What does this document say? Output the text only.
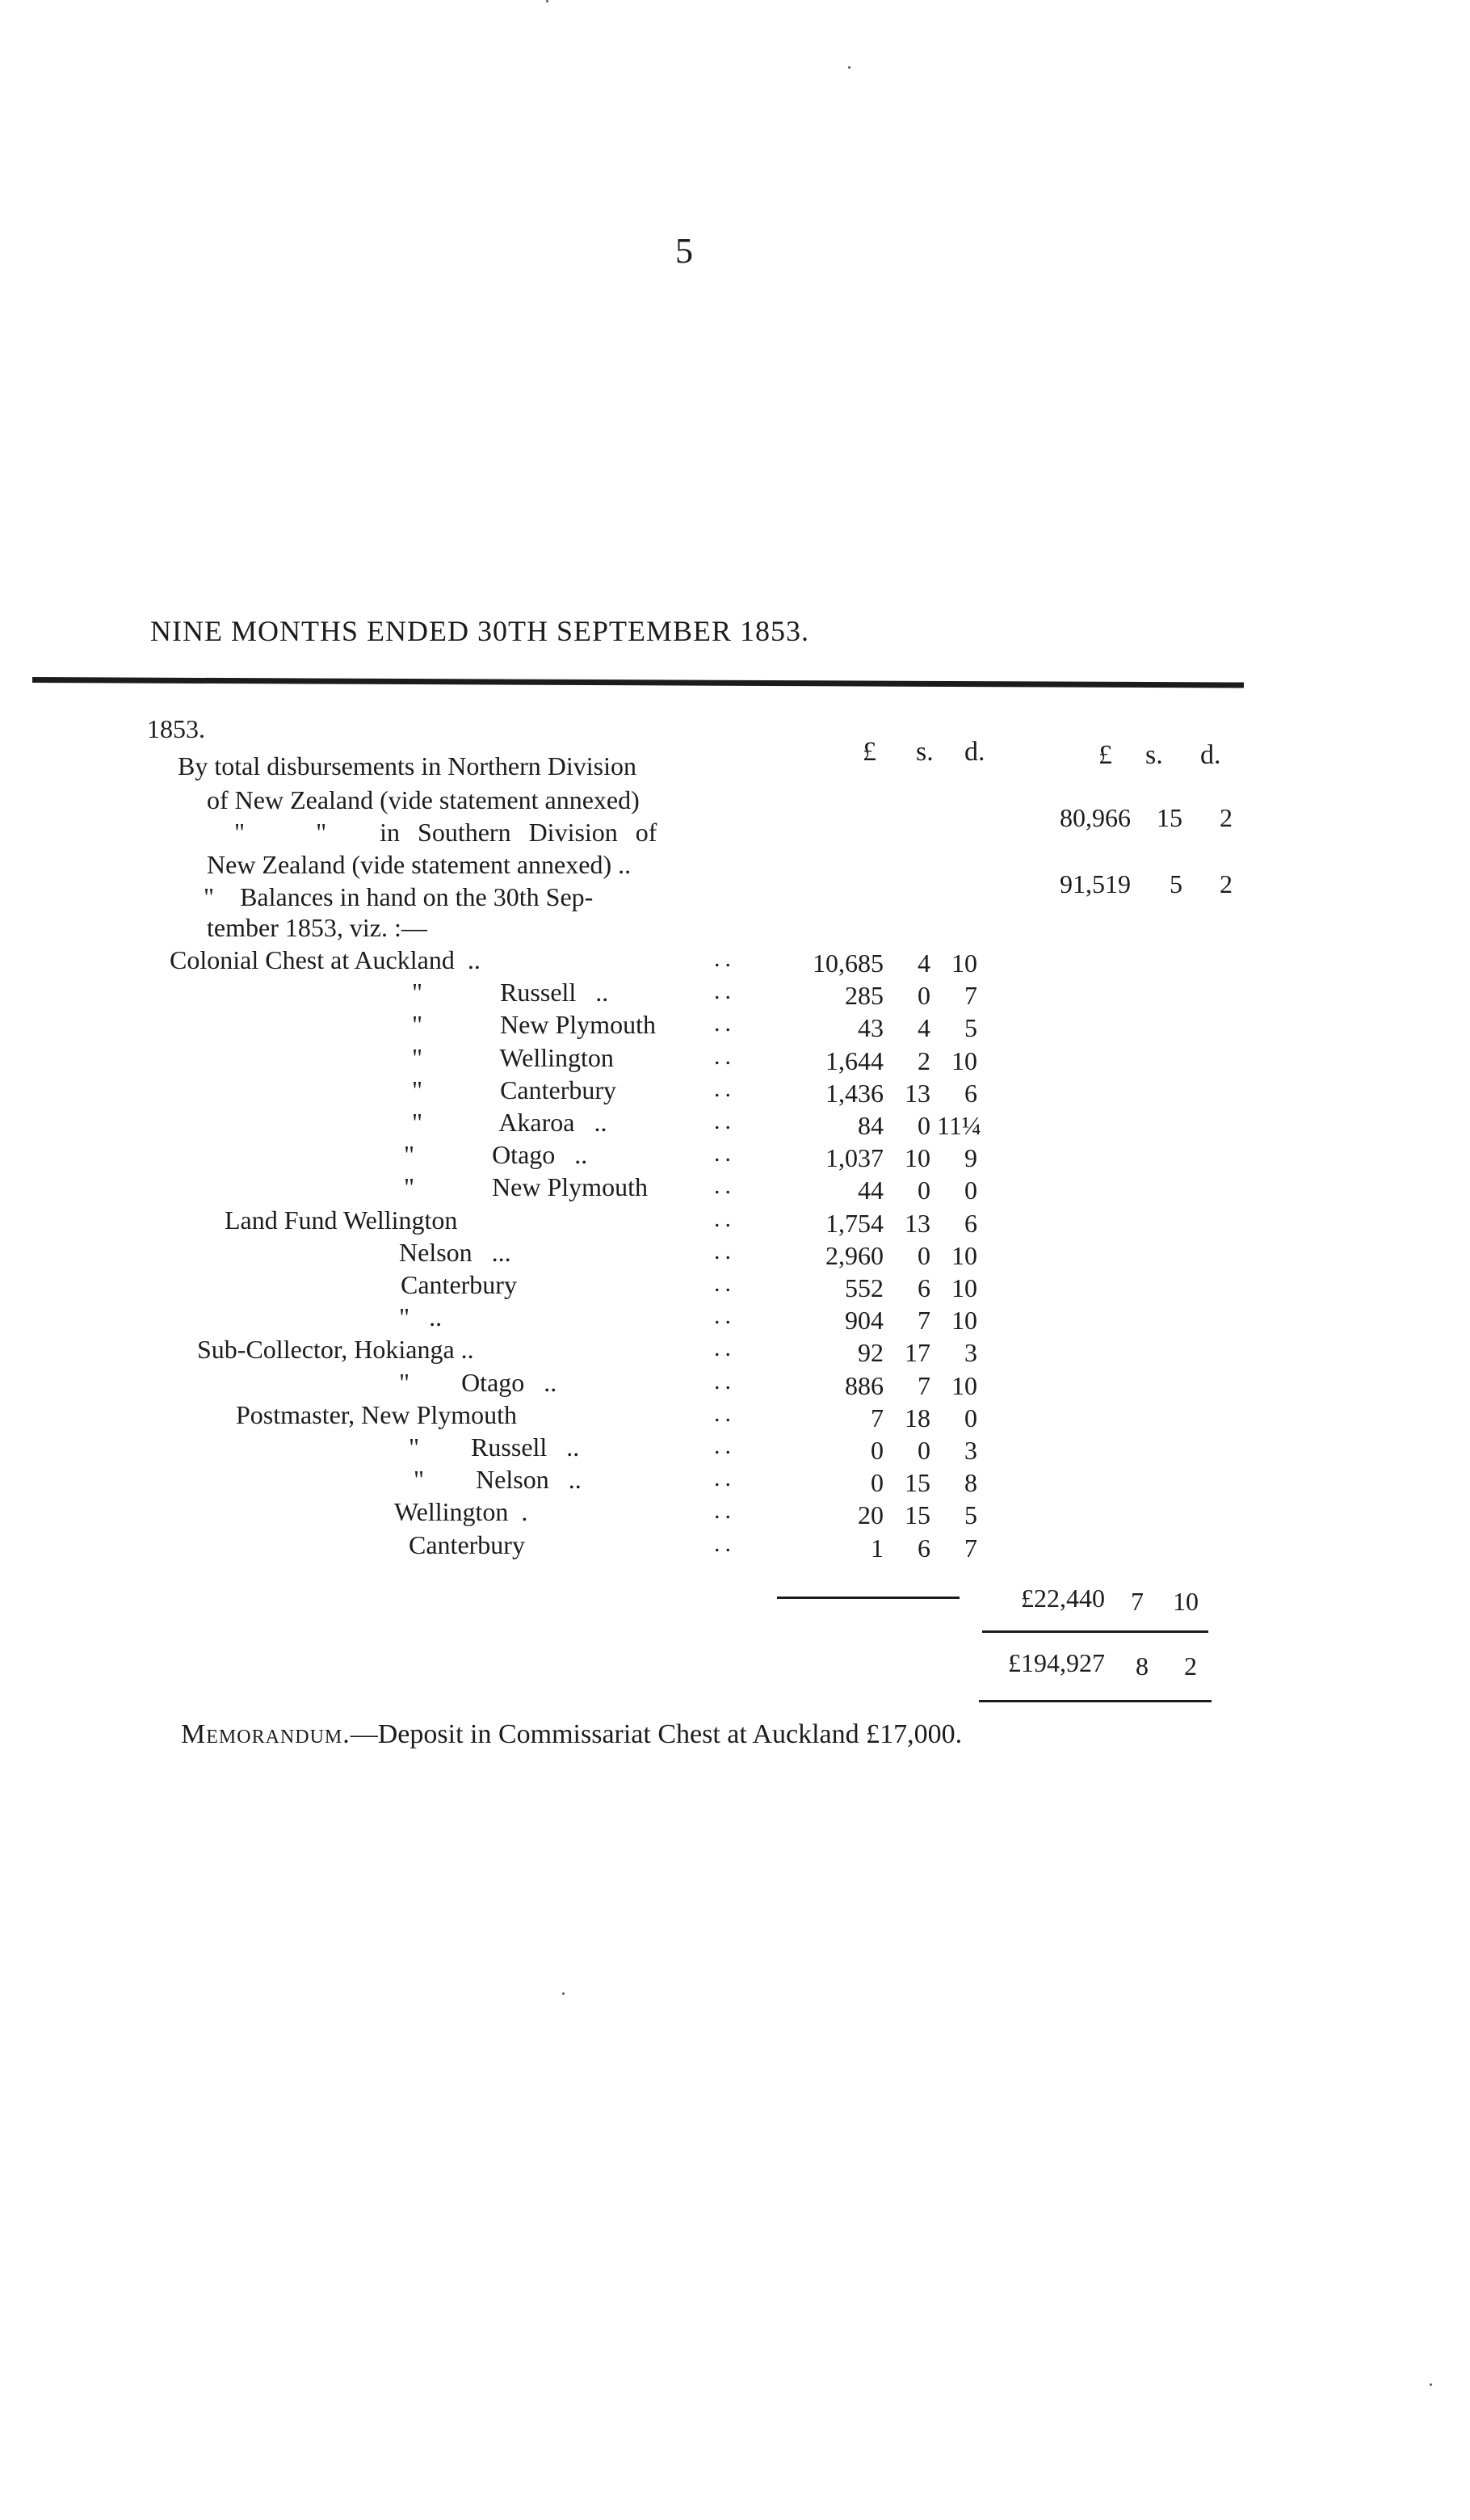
5
NINE MONTHS ENDED 30TH SEPTEMBER 1853.
1853.
£ s. d.	£ s. d.
By total disbursements in Northern Division
of New Zealand (vide statement annexed)
"    "   in Southern Division of
New Zealand (vide statement annexed) ..
80,966	15	2
91,519	5	2
"    Balances in hand on the 30th Sep-
tember 1853, viz. :—
Colonial Chest at Auckland  ..	..	10,685	4 10
"            Russell   ..	..	285	0	7
"            New Plymouth ..	43	4	5
"            Wellington	..	1,644	2 10
"            Canterbury	..	1,436 13	6
"            Akaroa   ..	..	84	0 11¼
"            Otago   ..	..	1,037 10	9
"            New Plymouth	..	44	0	0
Land Fund Wellington	..	1,754 13	6
Nelson   ...	..	2,960	0 10
Canterbury	..	552	6 10
"   ..	..	904	7 10
Sub-Collector, Hokianga ..	..	92 17	3
"        Otago   ..	..	886	7 10
Postmaster, New Plymouth	..	7 18	0
"        Russell   ..	..	0	0	3
"        Nelson   ..	..	0 15	8
Wellington  .	..	20 15	5
Canterbury	..	1	6	7
£22,440	7 10
£194,927	8	2
Memorandum.—Deposit in Commissariat Chest at Auckland £17,000.
